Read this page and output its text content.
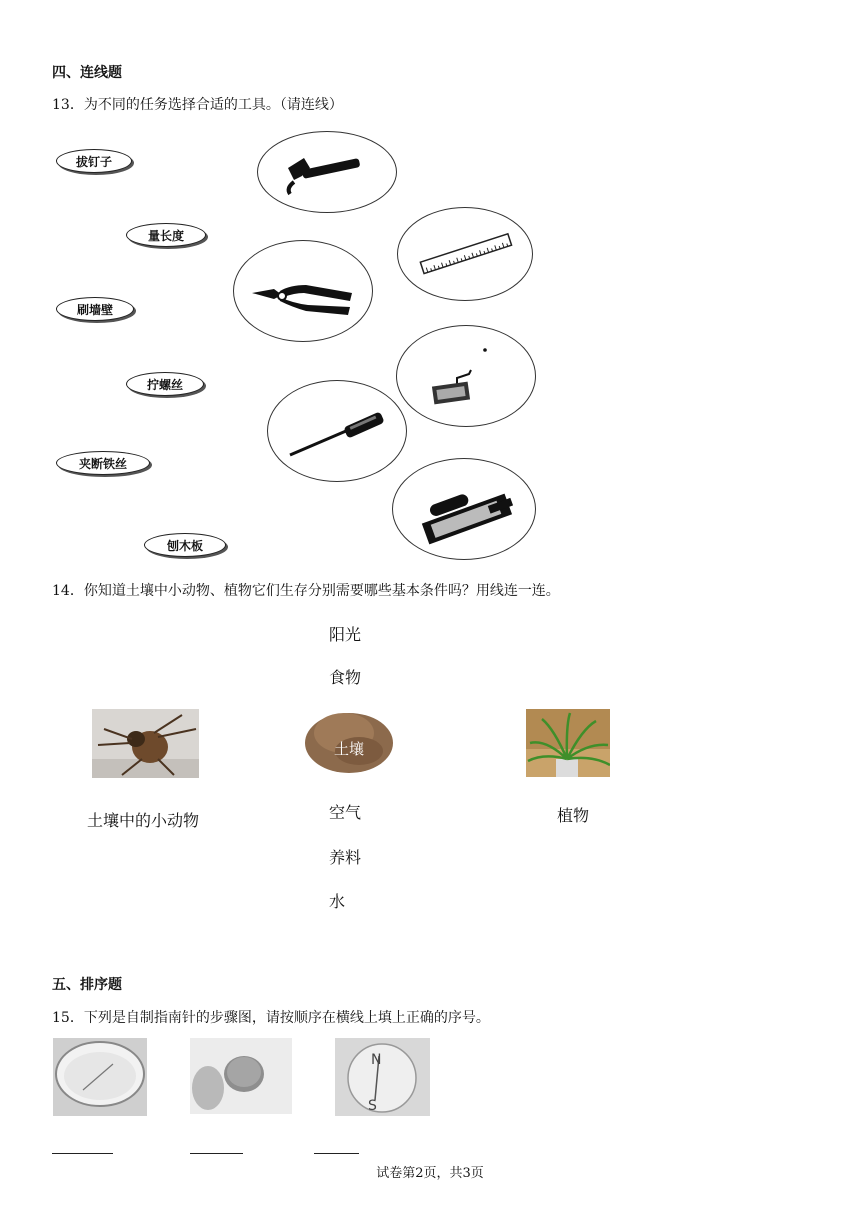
四、连线题
13．为不同的任务选择合适的工具。（请连线）
拔钉子
量长度
刷墙壁
拧螺丝
夹断铁丝
刨木板
14．你知道土壤中小动物、植物它们生存分别需要哪些基本条件吗？用线连一连。
阳光
食物
空气
养料
水
土壤中的小动物
土壤
植物
五、排序题
15．下列是自制指南针的步骤图，请按顺序在横线上填上正确的序号。
N
S
试卷第2页，共3页
